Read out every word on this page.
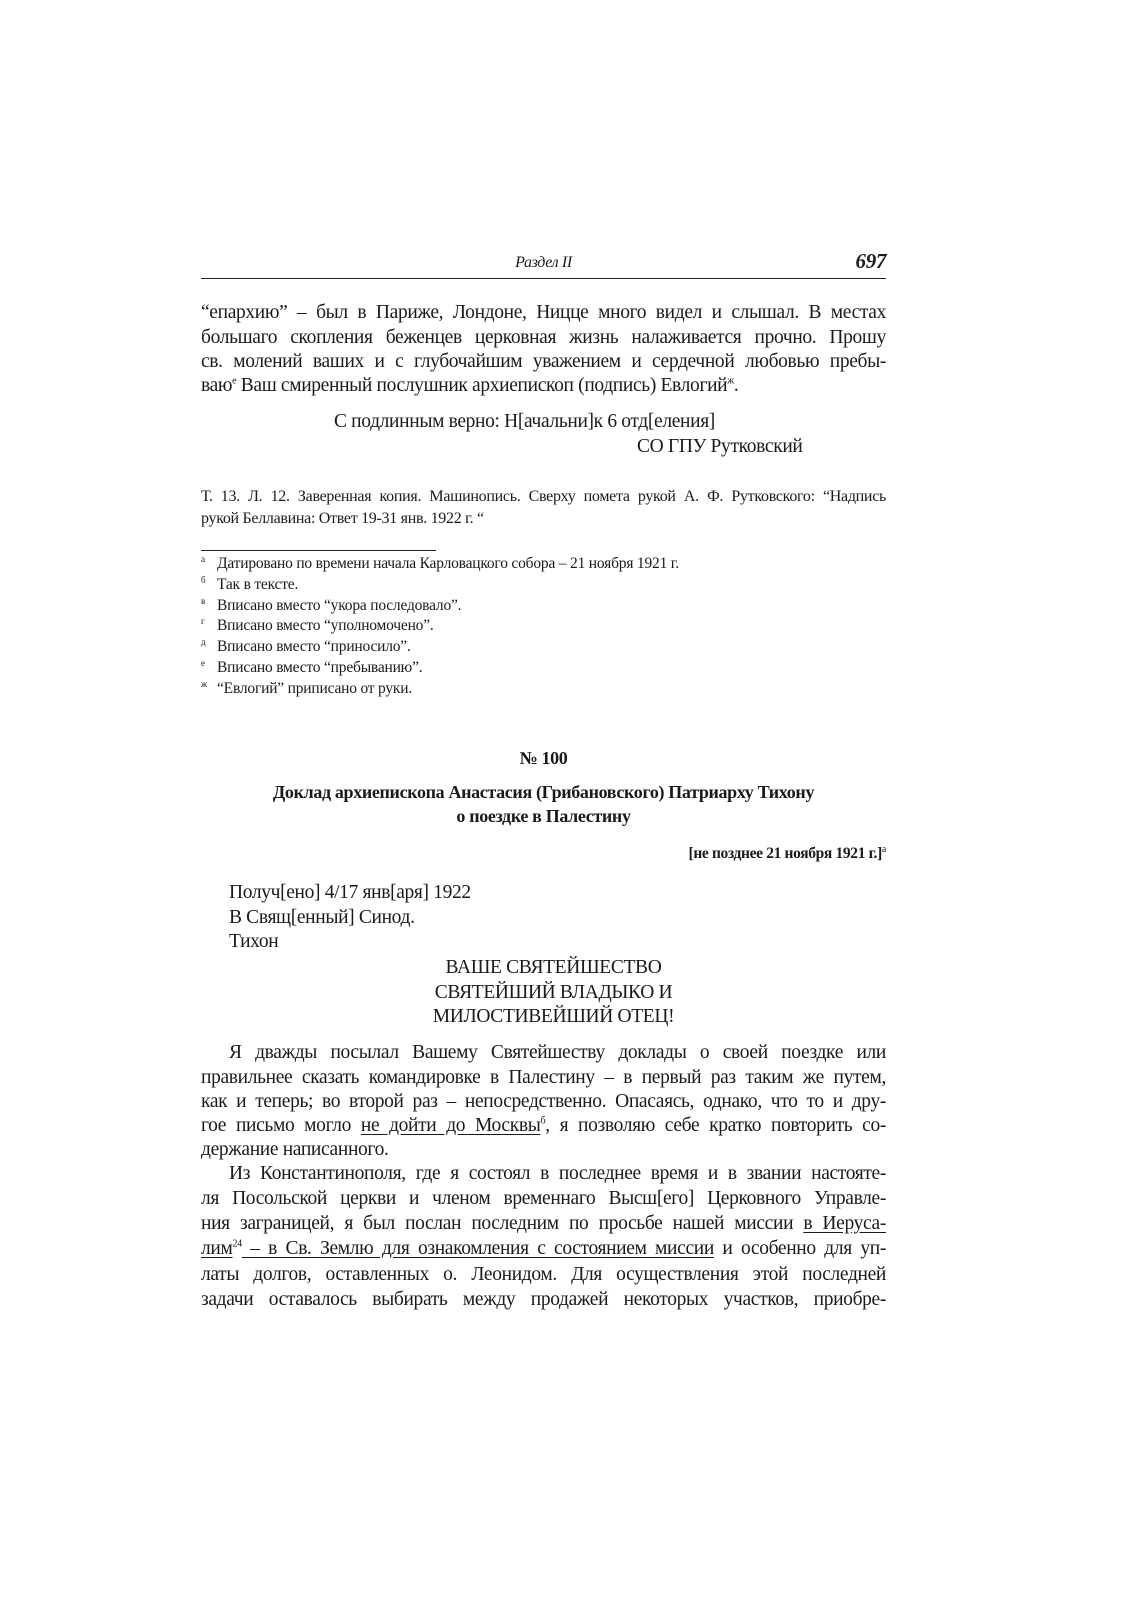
Раздел II	697
“епархию” – был в Париже, Лондоне, Ницце много видел и слышал. В местах
большаго скопления беженцев церковная жизнь налаживается прочно. Прошу
св. молений ваших и с глубочайшим уважением и сердечной любовью пребы-
ваю$^е$ Ваш смиренный послушник архиепископ (подпись) Евлогий$^ж$.
С подлинным верно: Н[ачальни]к 6 отд[еления]
СО ГПУ Рутковский
Т. 13. Л. 12. Заверенная копия. Машинопись. Сверху помета рукой А. Ф. Рутковского: “Надпись
рукой Беллавина: Ответ 19-31 янв. 1922 г. “
$^а$ Датировано по времени начала Карловацкого собора – 21 ноября 1921 г.
$^б$ Так в тексте.
$^в$ Вписано вместо “укора последовало”.
$^г$ Вписано вместо “уполномочено”.
$^д$ Вписано вместо “приносило”.
$^е$ Вписано вместо “пребыванию”.
$^ж$ “Евлогий” приписано от руки.
№ 100
Доклад архиепископа Анастасия (Грибановского) Патриарху Тихону
о поездке в Палестину
[не позднее 21 ноября 1921 г.]$^а$
Получ[ено] 4/17 янв[аря] 1922
В Свящ[енный] Синод.
Тихон
ВАШЕ СВЯТЕЙШЕСТВО
СВЯТЕЙШИЙ ВЛАДЫКО И
МИЛОСТИВЕЙШИЙ ОТЕЦ!
Я дважды посылал Вашему Святейшеству доклады о своей поездке или
правильнее сказать командировке в Палестину – в первый раз таким же путем,
как и теперь; во второй раз – непосредственно. Опасаясь, однако, что то и дру-
гое письмо могло не дойти до Москвы$^б$, я позволяю себе кратко повторить со-
держание написанного.
Из Константинополя, где я состоял в последнее время и в звании настояте-
ля Посольской церкви и членом временнаго Высш[его] Церковного Управле-
ния заграницей, я был послан последним по просьбе нашей миссии в Иеруса-
лим$^{24}$ – в Св. Землю для ознакомления с состоянием миссии и особенно для уп-
латы долгов, оставленных о. Леонидом. Для осуществления этой последней
задачи оставалось выбирать между продажей некоторых участков, приобре-
